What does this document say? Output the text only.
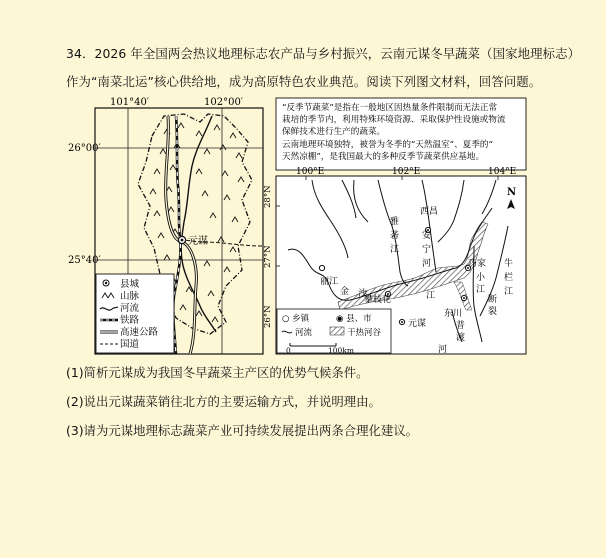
34．2026 年全国两会热议地理标志农产品与乡村振兴，云南元谋冬早蔬菜（国家地理标志）
作为“南菜北运”核心供给地，成为高原特色农业典范。阅读下列图文材料，回答问题。
101°40′	102°00′
26°00′
25°40′
元谋
县城
山脉
河流
铁路
高速公路
国道
“反季节蔬菜”是指在一般地区因热量条件限制而无法正常
栽培的季节内，利用特殊环境资源、采取保护性设施或物流
保鲜技术进行生产的蔬菜。
云南地理环境独特，被誉为冬季的“天然温室”、夏季的“
天然凉棚”，是我国最大的多种反季节蔬菜供应基地。
100°E	102°E	104°E
28°N
27°N
26°N
N
西昌
巧家
丽江
攀枝花
元谋
东川
雅
砻
江
安
宁
河
小
江
牛
栏
江
金 沙	江
普
渡
河
断
裂
○ 乡镇	◉ 县、市
河流	干热河谷
0	100km
(1)简析元谋成为我国冬早蔬菜主产区的优势气候条件。
(2)说出元谋蔬菜销往北方的主要运输方式，并说明理由。
(3)请为元谋地理标志蔬菜产业可持续发展提出两条合理化建议。
